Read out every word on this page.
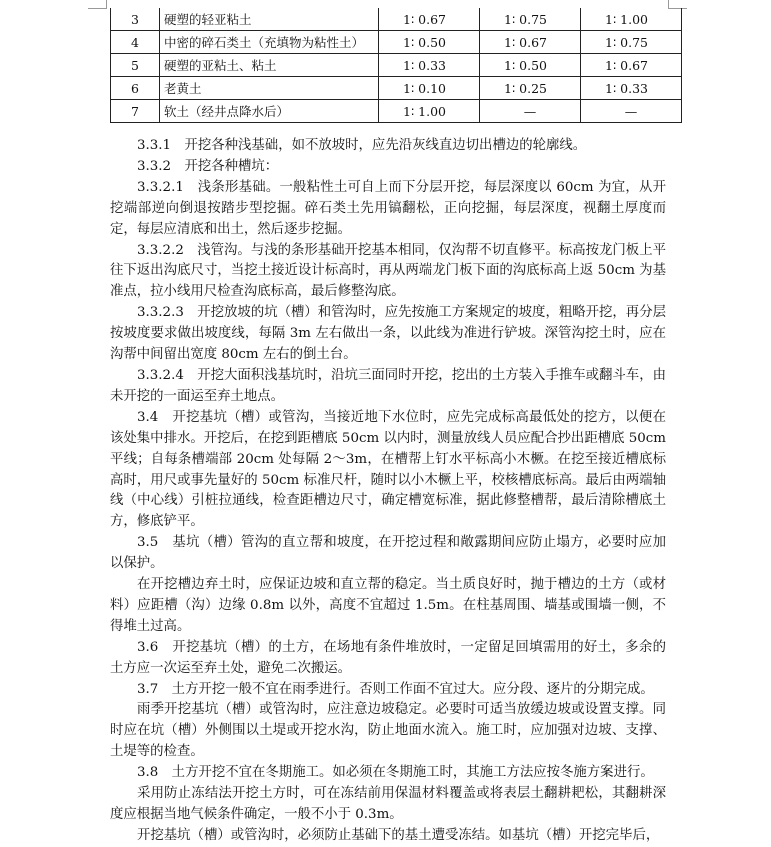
3	硬塑的轻亚粘土	1∶ 0.67	1∶ 0.75	1∶ 1.00
4	中密的碎石类土（充填物为粘性土）	1∶ 0.50	1∶ 0.67	1∶ 0.75
5	硬塑的亚粘土、粘土	1∶ 0.33	1∶ 0.50	1∶ 0.67
6	老黄土	1∶ 0.10	1∶ 0.25	1∶ 0.33
7	软土（经井点降水后）	1∶ 1.00	—	—

3.3.1　开挖各种浅基础，如不放坡时，应先沿灰线直边切出槽边的轮廓线。

3.3.2　开挖各种槽坑：

3.3.2.1　浅条形基础。一般粘性土可自上而下分层开挖，每层深度以 60cm 为宜，从开挖端部逆向倒退按踏步型挖掘。碎石类土先用镐翻松，正向挖掘，每层深度，视翻土厚度而定，每层应清底和出土，然后逐步挖掘。

3.3.2.2　浅管沟。与浅的条形基础开挖基本相同，仅沟帮不切直修平。标高按龙门板上平往下返出沟底尺寸，当挖土接近设计标高时，再从两端龙门板下面的沟底标高上返 50cm 为基准点，拉小线用尺检查沟底标高，最后修整沟底。

3.3.2.3　开挖放坡的坑（槽）和管沟时，应先按施工方案规定的坡度，粗略开挖，再分层按坡度要求做出坡度线，每隔 3m 左右做出一条，以此线为准进行铲坡。深管沟挖土时，应在沟帮中间留出宽度 80cm 左右的倒土台。

3.3.2.4　开挖大面积浅基坑时，沿坑三面同时开挖，挖出的土方装入手推车或翻斗车，由未开挖的一面运至弃土地点。

3.4　开挖基坑（槽）或管沟，当接近地下水位时，应先完成标高最低处的挖方，以便在该处集中排水。开挖后，在挖到距槽底 50cm 以内时，测量放线人员应配合抄出距槽底 50cm 平线；自每条槽端部 20cm 处每隔 2～3m，在槽帮上钉水平标高小木橛。在挖至接近槽底标高时，用尺或事先量好的 50cm 标准尺杆，随时以小木橛上平，校核槽底标高。最后由两端轴线（中心线）引桩拉通线，检查距槽边尺寸，确定槽宽标准，据此修整槽帮，最后清除槽底土方，修底铲平。

3.5　基坑（槽）管沟的直立帮和坡度，在开挖过程和敞露期间应防止塌方，必要时应加以保护。

在开挖槽边弃土时，应保证边坡和直立帮的稳定。当土质良好时，抛于槽边的土方（或材料）应距槽（沟）边缘 0.8m 以外，高度不宜超过 1.5m。在柱基周围、墙基或围墙一侧，不得堆土过高。

3.6　开挖基坑（槽）的土方，在场地有条件堆放时，一定留足回填需用的好土，多余的土方应一次运至弃土处，避免二次搬运。

3.7　土方开挖一般不宜在雨季进行。否则工作面不宜过大。应分段、逐片的分期完成。

雨季开挖基坑（槽）或管沟时，应注意边坡稳定。必要时可适当放缓边坡或设置支撑。同时应在坑（槽）外侧围以土堤或开挖水沟，防止地面水流入。施工时，应加强对边坡、支撑、土堤等的检查。

3.8　土方开挖不宜在冬期施工。如必须在冬期施工时，其施工方法应按冬施方案进行。

采用防止冻结法开挖土方时，可在冻结前用保温材料覆盖或将表层土翻耕耙松，其翻耕深度应根据当地气候条件确定，一般不小于 0.3m。

开挖基坑（槽）或管沟时，必须防止基础下的基土遭受冻结。如基坑（槽）开挖完毕后，
